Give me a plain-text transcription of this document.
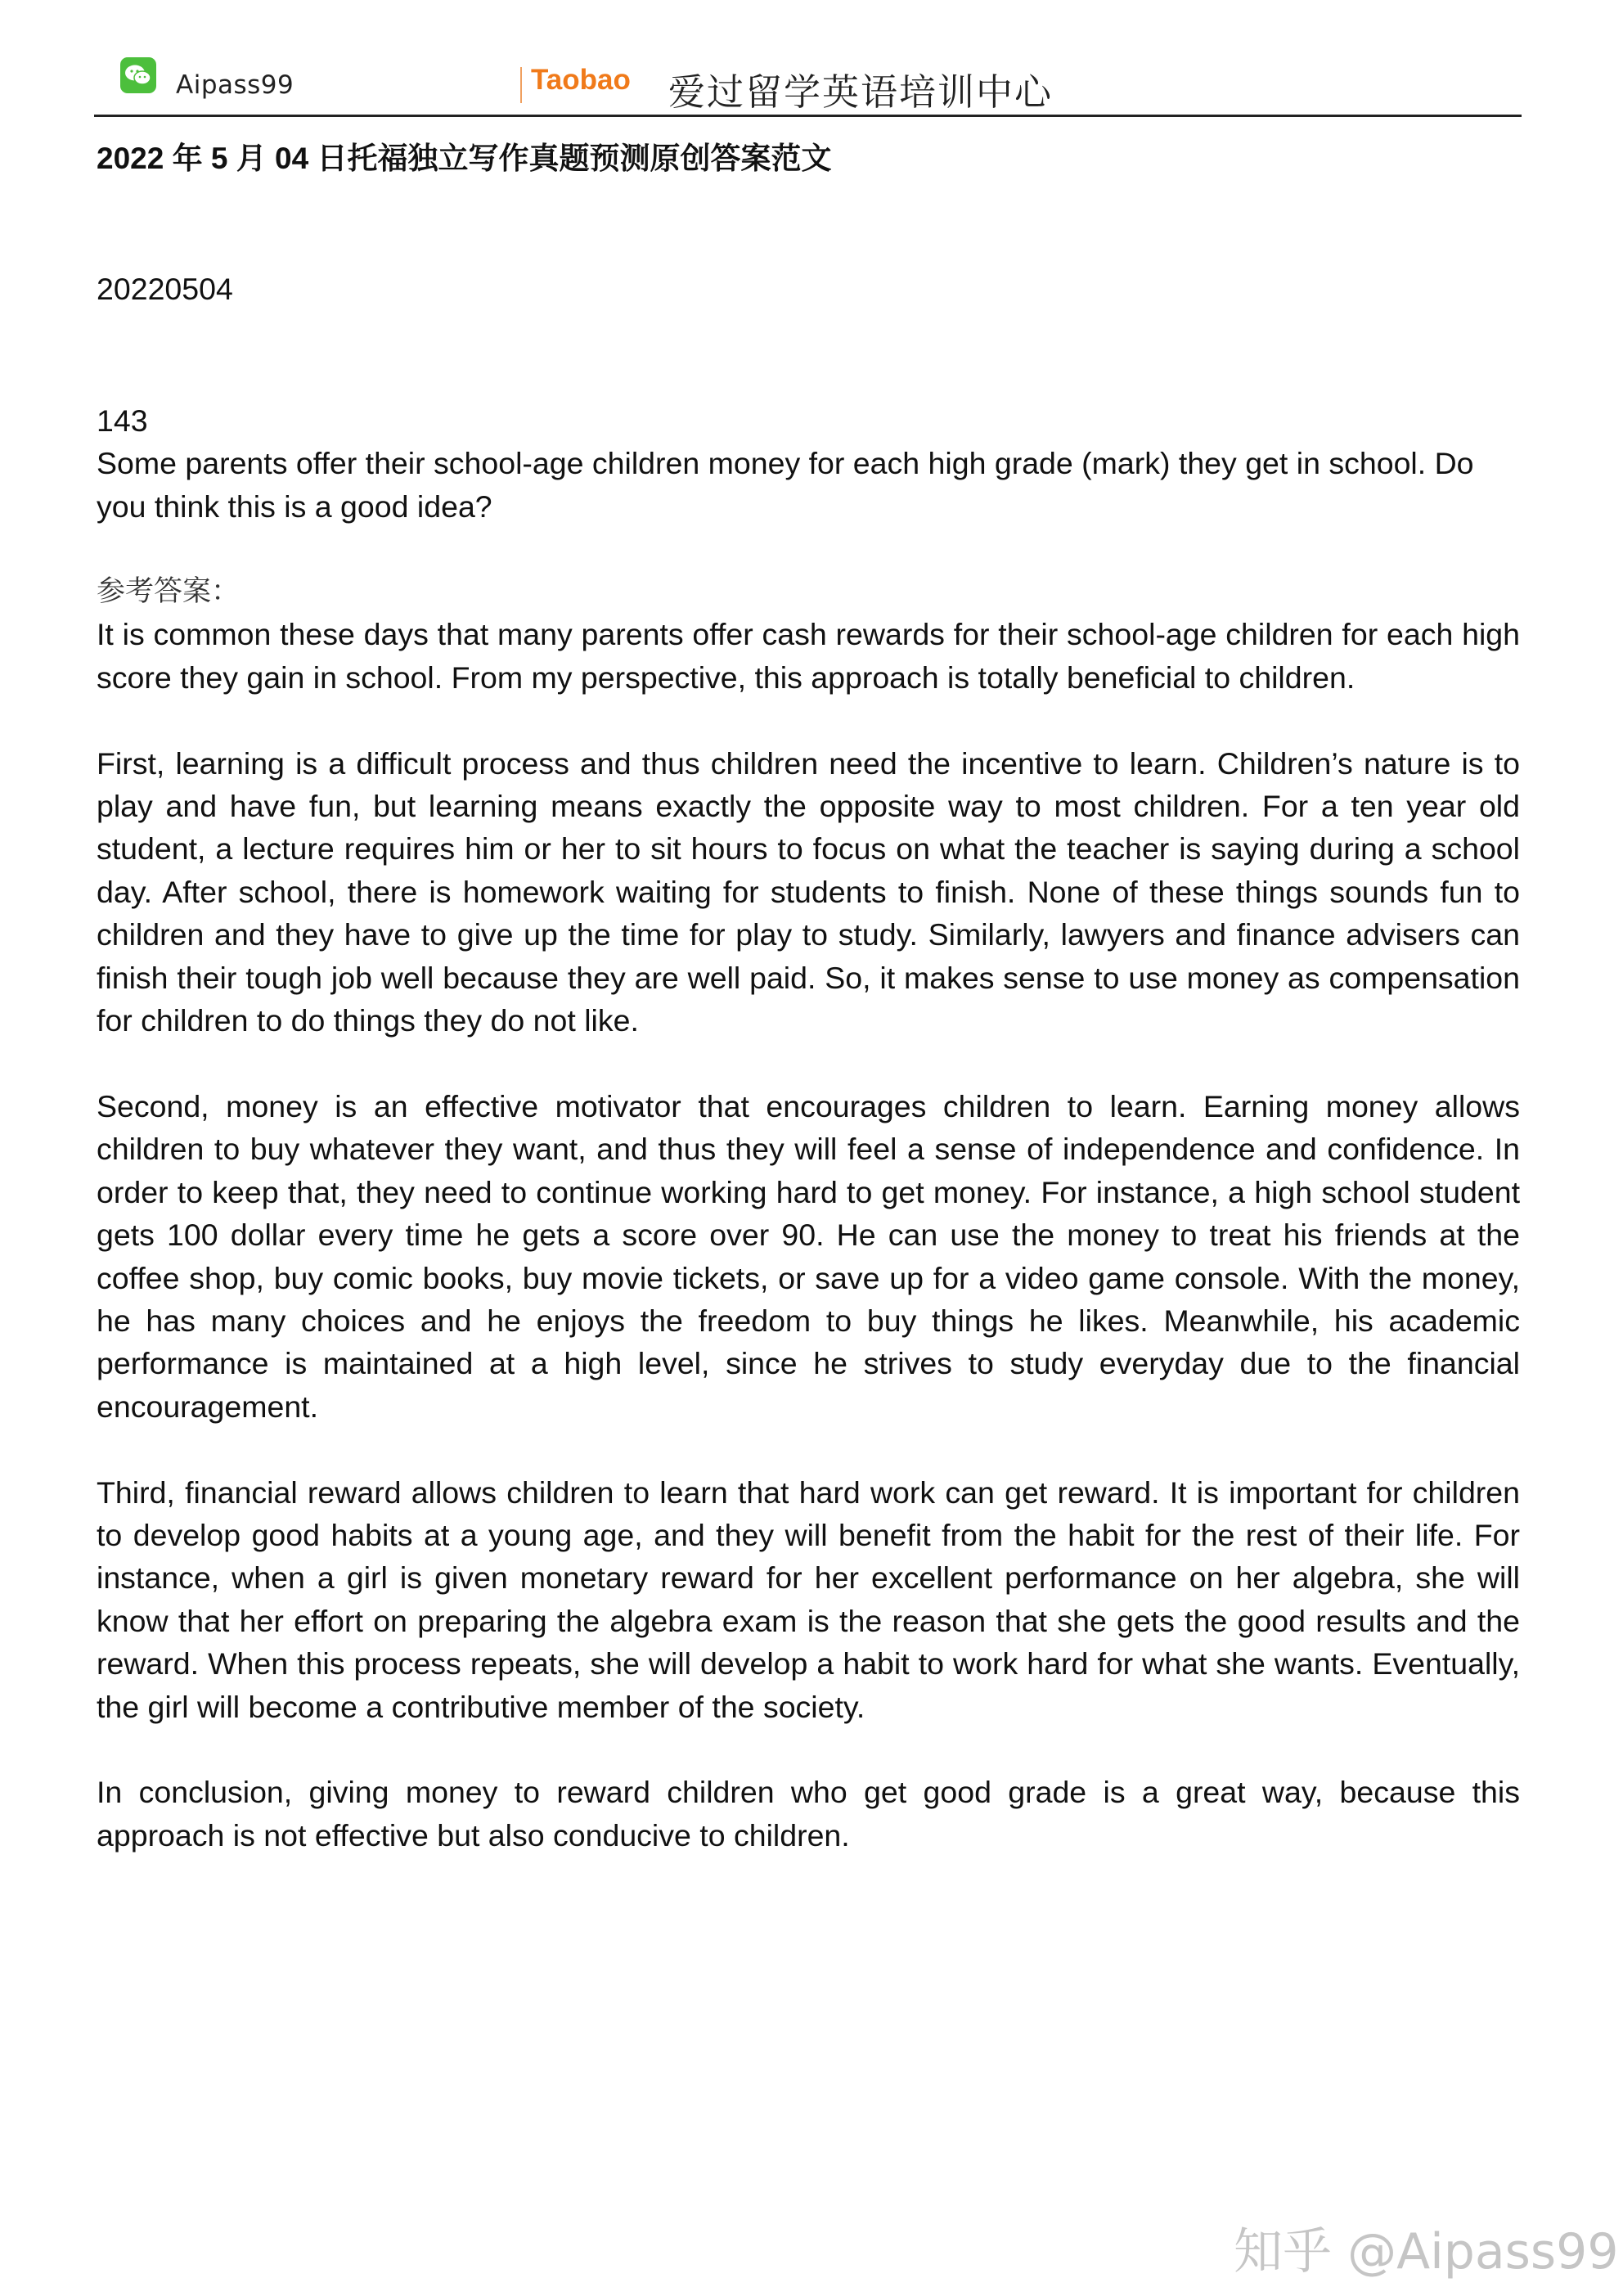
Aipass99	Taobao 爱过留学英语培训中心

2022 年 5 月 04 日托福独立写作真题预测原创答案范文

20220504
143

Some parents offer their school-age children money for each high grade (mark) they get in school. Do you think this is a good idea?

参考答案：

It is common these days that many parents offer cash rewards for their school-age children for each high score they gain in school. From my perspective, this approach is totally beneficial to children.

First, learning is a difficult process and thus children need the incentive to learn. Children’s nature is to play and have fun, but learning means exactly the opposite way to most children. For a ten year old student, a lecture requires him or her to sit hours to focus on what the teacher is saying during a school day. After school, there is homework waiting for students to finish. None of these things sounds fun to children and they have to give up the time for play to study. Similarly, lawyers and finance advisers can finish their tough job well because they are well paid. So, it makes sense to use money as compensation for children to do things they do not like.

Second, money is an effective motivator that encourages children to learn. Earning money allows children to buy whatever they want, and thus they will feel a sense of independence and confidence. In order to keep that, they need to continue working hard to get money. For instance, a high school student gets 100 dollar every time he gets a score over 90. He can use the money to treat his friends at the coffee shop, buy comic books, buy movie tickets, or save up for a video game console. With the money, he has many choices and he enjoys the freedom to buy things he likes. Meanwhile, his academic performance is maintained at a high level, since he strives to study everyday due to the financial encouragement.

Third, financial reward allows children to learn that hard work can get reward. It is important for children to develop good habits at a young age, and they will benefit from the habit for the rest of their life. For instance, when a girl is given monetary reward for her excellent performance on her algebra, she will know that her effort on preparing the algebra exam is the reason that she gets the good results and the reward. When this process repeats, she will develop a habit to work hard for what she wants. Eventually, the girl will become a contributive member of the society.

In conclusion, giving money to reward children who get good grade is a great way, because this approach is not effective but also conducive to children.

知乎 @Aipass99
